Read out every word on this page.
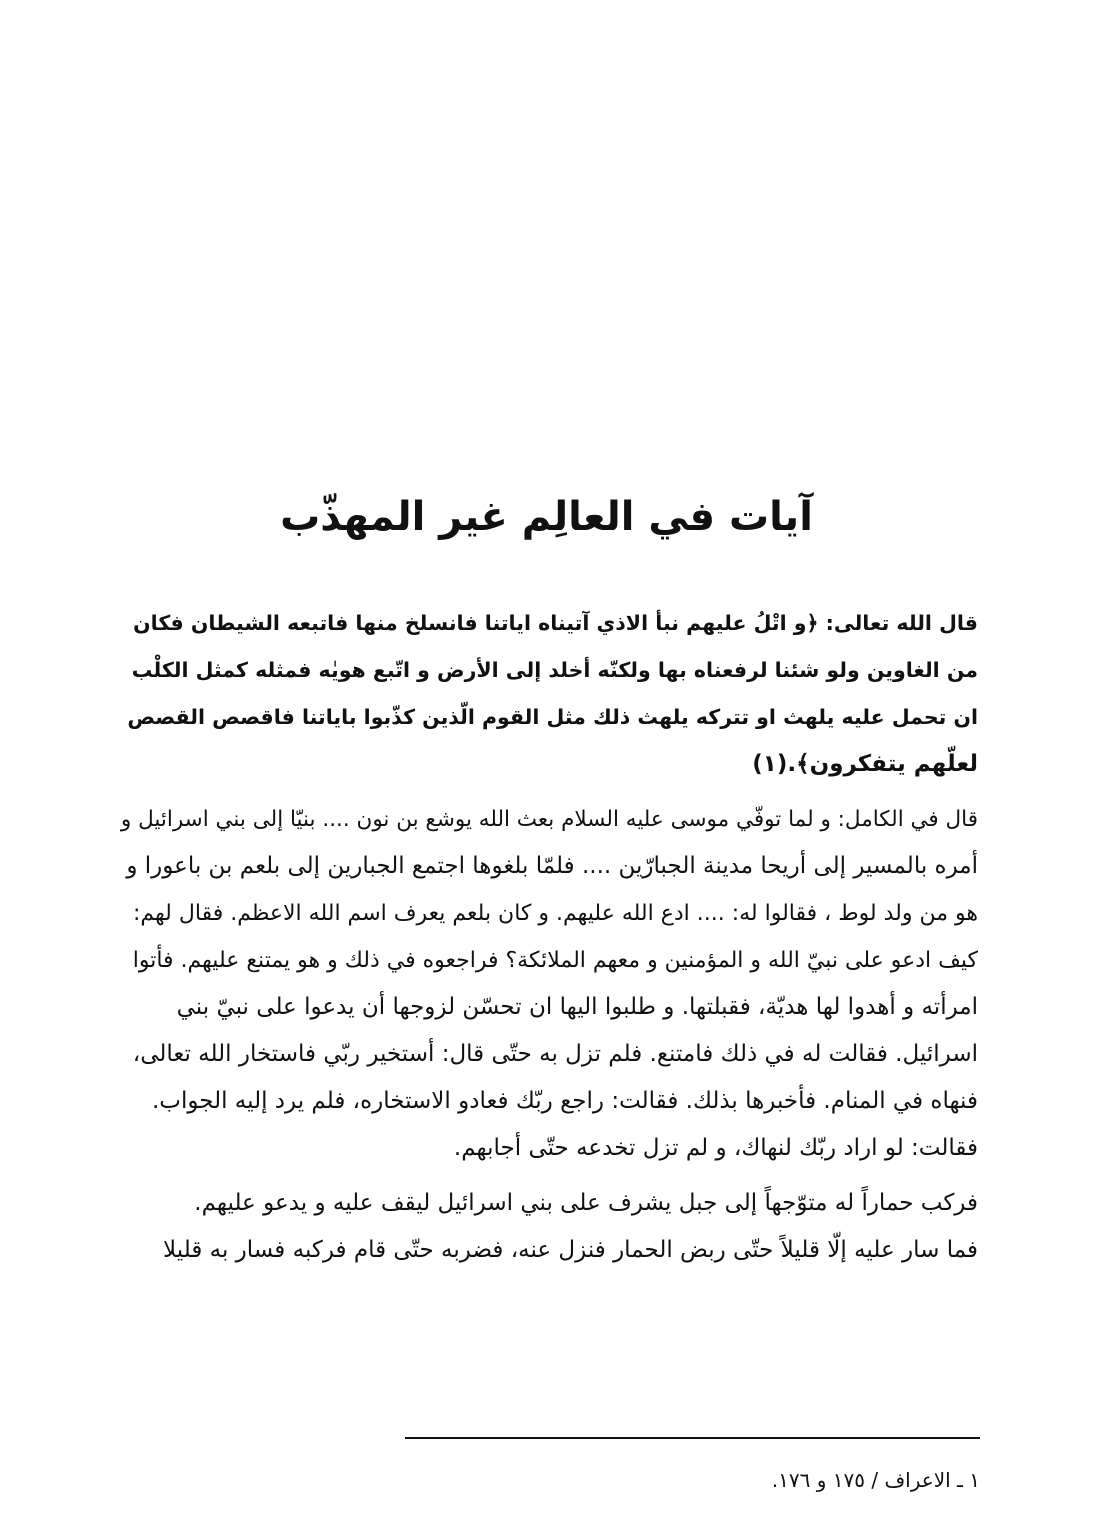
آيات في العالِم غير المهذّب

قال الله تعالى: ﴿و اتْلُ عليهم نبأ الاذي آتيناه اياتنا فانسلخ منها فاتبعه الشيطان فكان
من الغاوين ولو شئنا لرفعناه بها ولكنّه أخلد إلى الأرض و اتّبع هويٰه فمثله كمثل الكلْب
ان تحمل عليه يلهث او تتركه يلهث ذلك مثل القوم الّذين كذّبوا باياتنا فاقصص القصص
لعلّهم يتفكرون﴾.(١)

قال في الكامل: و لما توفّي موسى عليه السلام بعث الله يوشع بن نون .... بنيّا إلى بني اسرائيل و
أمره بالمسير إلى أريحا مدينة الجبارّين .... فلمّا بلغوها اجتمع الجبارين إلى بلعم بن باعورا و
هو من ولد لوط ، فقالوا له: .... ادع الله عليهم. و كان بلعم يعرف اسم الله الاعظم. فقال لهم:
كيف ادعو على نبيّ الله و المؤمنين و معهم الملائكة؟ فراجعوه في ذلك و هو يمتنع عليهم. فأتوا
امرأته و أهدوا لها هديّة، فقبلتها. و طلبوا اليها ان تحسّن لزوجها أن يدعوا على نبيّ بني
اسرائيل. فقالت له في ذلك فامتنع. فلم تزل به حتّى قال: أستخير ربّي فاستخار الله تعالى،
فنهاه في المنام. فأخبرها بذلك. فقالت: راجع ربّك فعادو الاستخاره، فلم يرد إليه الجواب.
فقالت: لو اراد ربّك لنهاك، و لم تزل تخدعه حتّى أجابهم.

فركب حماراً له متوّجهاً إلى جبل يشرف على بني اسرائيل ليقف عليه و يدعو عليهم.
فما سار عليه إلّا قليلاً حتّى ربض الحمار فنزل عنه، فضربه حتّى قام فركبه فسار به قليلا

١ ـ الاعراف / ١٧٥ و ١٧٦.
